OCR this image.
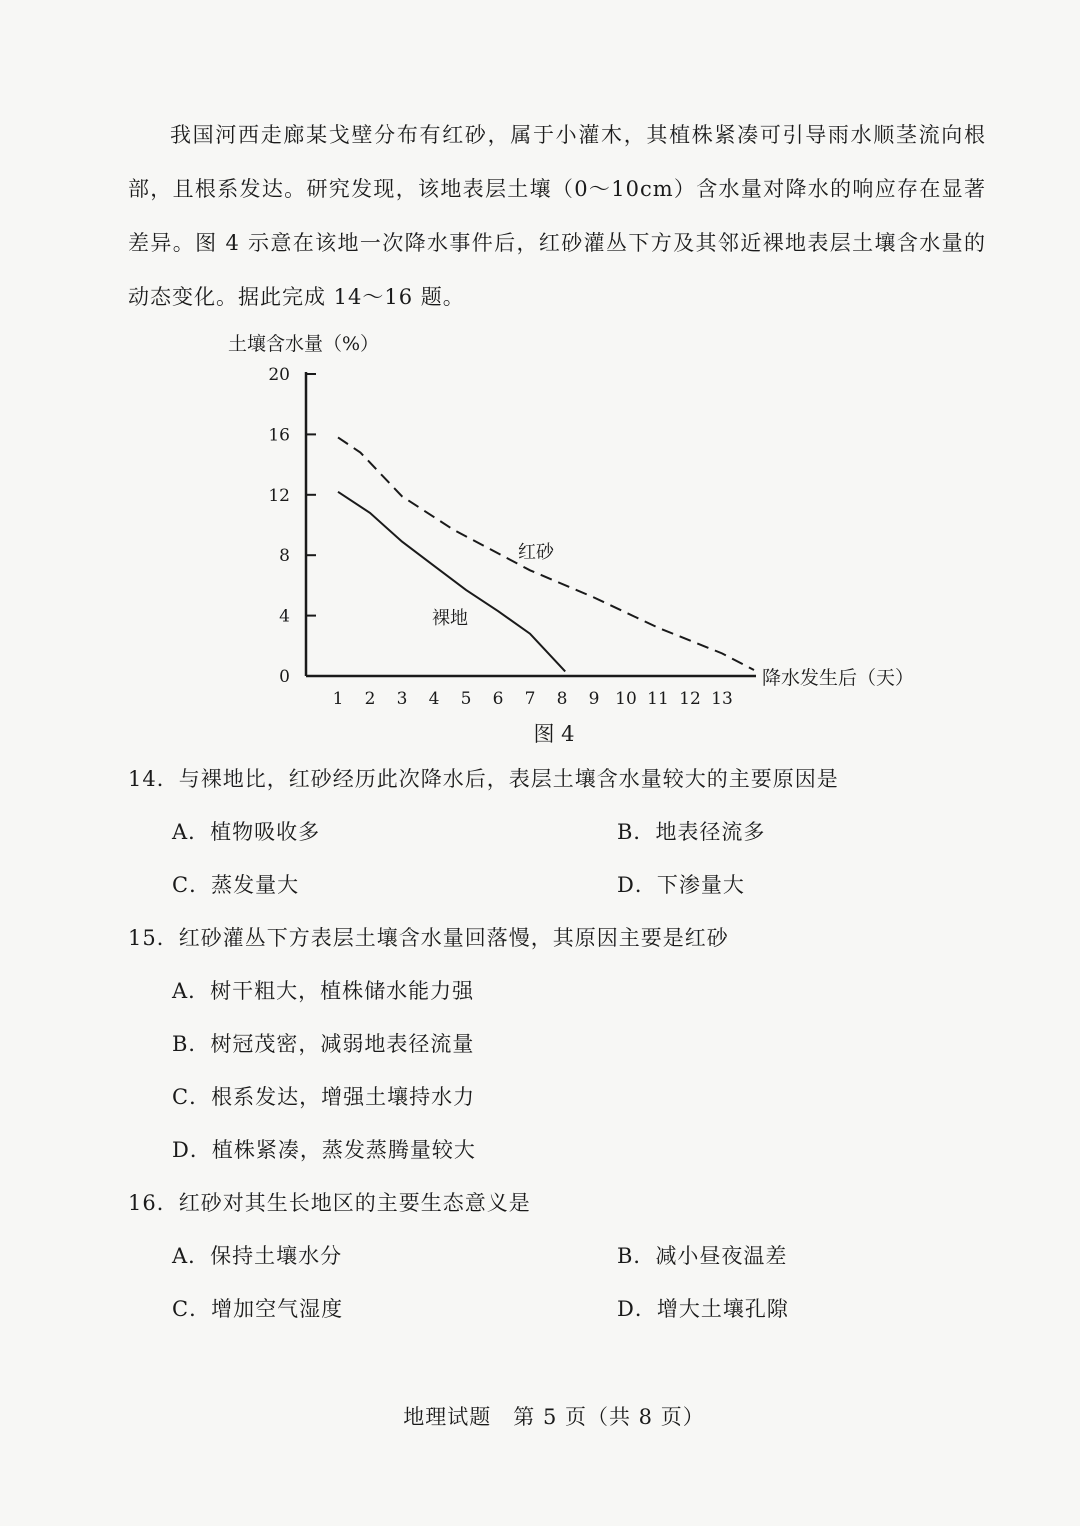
我国河西走廊某戈壁分布有红砂，属于小灌木，其植株紧凑可引导雨水顺茎流向根部，且根系发达。研究发现，该地表层土壤（0～10cm）含水量对降水的响应存在显著差异。图 4 示意在该地一次降水事件后，红砂灌丛下方及其邻近裸地表层土壤含水量的动态变化。据此完成 14～16 题。

土壤含水量（%）
降水发生后（天）
0
4
8
12
16
20
1 2 3 4 5 6 7 8 9 10 11 12 13
红砂
裸地
图 4
14．与裸地比，红砂经历此次降水后，表层土壤含水量较大的主要原因是
A．植物吸收多	B．地表径流多
C．蒸发量大	D．下渗量大
15．红砂灌丛下方表层土壤含水量回落慢，其原因主要是红砂
A．树干粗大，植株储水能力强
B．树冠茂密，减弱地表径流量
C．根系发达，增强土壤持水力
D．植株紧凑，蒸发蒸腾量较大
16．红砂对其生长地区的主要生态意义是
A．保持土壤水分	B．减小昼夜温差
C．增加空气湿度	D．增大土壤孔隙
地理试题　第 5 页（共 8 页）
